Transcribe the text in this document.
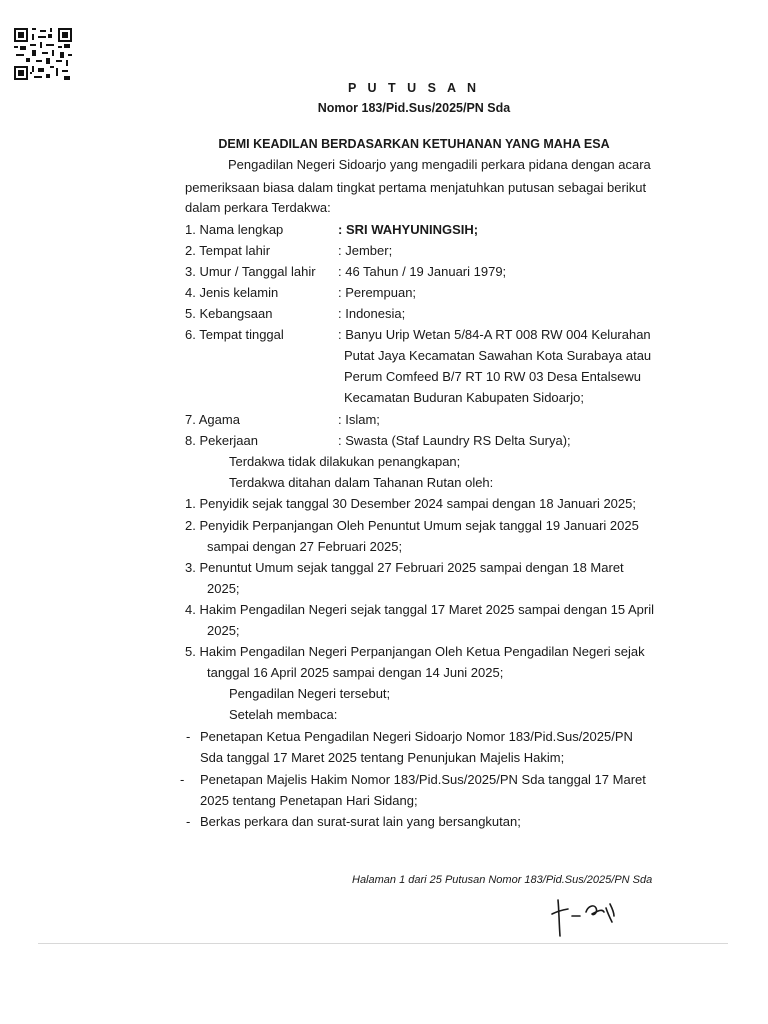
P U T U S A N
Nomor 183/Pid.Sus/2025/PN Sda
DEMI KEADILAN BERDASARKAN KETUHANAN YANG MAHA ESA
Pengadilan Negeri Sidoarjo yang mengadili perkara pidana dengan acara
pemeriksaan biasa dalam tingkat pertama menjatuhkan putusan sebagai berikut
dalam perkara Terdakwa:
1. Nama lengkap	: SRI WAHYUNINGSIH;
2. Tempat lahir	: Jember;
3. Umur / Tanggal lahir : 46 Tahun / 19 Januari 1979;
4. Jenis kelamin	: Perempuan;
5. Kebangsaan	: Indonesia;
6. Tempat tinggal	: Banyu Urip Wetan 5/84-A RT 008 RW 004 Kelurahan
Putat Jaya Kecamatan Sawahan Kota Surabaya atau
Perum Comfeed B/7 RT 10 RW 03 Desa Entalsewu
Kecamatan Buduran Kabupaten Sidoarjo;
7. Agama	: Islam;
8. Pekerjaan	: Swasta (Staf Laundry RS Delta Surya);
Terdakwa tidak dilakukan penangkapan;
Terdakwa ditahan dalam Tahanan Rutan oleh:
1. Penyidik sejak tanggal 30 Desember 2024 sampai dengan 18 Januari 2025;
2. Penyidik Perpanjangan Oleh Penuntut Umum sejak tanggal 19 Januari 2025
sampai dengan 27 Februari 2025;
3. Penuntut Umum sejak tanggal 27 Februari 2025 sampai dengan 18 Maret
2025;
4. Hakim Pengadilan Negeri sejak tanggal 17 Maret 2025 sampai dengan 15 April
2025;
5. Hakim Pengadilan Negeri Perpanjangan Oleh Ketua Pengadilan Negeri sejak
tanggal 16 April 2025 sampai dengan 14 Juni 2025;
Pengadilan Negeri tersebut;
Setelah membaca:
- Penetapan Ketua Pengadilan Negeri Sidoarjo Nomor 183/Pid.Sus/2025/PN
Sda tanggal 17 Maret 2025 tentang Penunjukan Majelis Hakim;
- Penetapan Majelis Hakim Nomor 183/Pid.Sus/2025/PN Sda tanggal 17 Maret
2025 tentang Penetapan Hari Sidang;
- Berkas perkara dan surat-surat lain yang bersangkutan;
Halaman 1 dari 25 Putusan Nomor 183/Pid.Sus/2025/PN Sda
